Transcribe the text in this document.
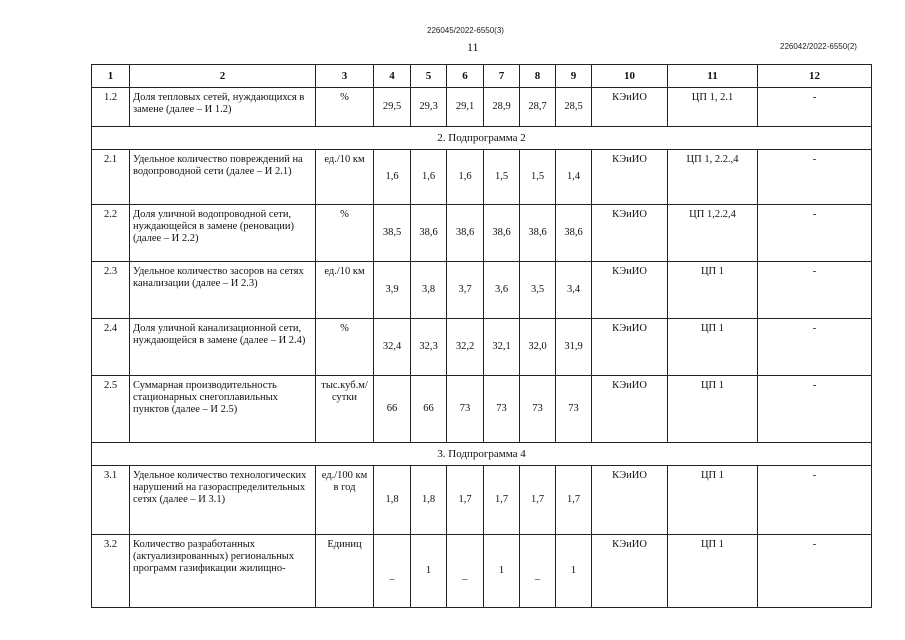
226045/2022-6550(3)
11	226042/2022-6550(2)
1	2	3	4	5	6	7	8	9	10	11	12
1.2	Доля тепловых сетей, нуждающихся в замене (далее – И 1.2)	%	29,5	29,3	29,1	28,9	28,7	28,5	КЭиИО	ЦП 1, 2.1	-
2. Подпрограмма 2											
2.1	Удельное количество повреждений на водопроводной сети (далее – И 2.1)	ед./10 км	1,6	1,6	1,6	1,5	1,5	1,4	КЭиИО	ЦП 1, 2.2.,4	-
2.2	Доля уличной водопроводной сети, нуждающейся в замене (реновации) (далее – И 2.2)	%	38,5	38,6	38,6	38,6	38,6	38,6	КЭиИО	ЦП 1,2.2,4	-
2.3	Удельное количество засоров на сетях канализации (далее – И 2.3)	ед./10 км	3,9	3,8	3,7	3,6	3,5	3,4	КЭиИО	ЦП 1	-
2.4	Доля уличной канализационной сети, нуждающейся в замене (далее – И 2.4)	%	32,4	32,3	32,2	32,1	32,0	31,9	КЭиИО	ЦП 1	-
2.5	Суммарная производительность стационарных снегоплавильных пунктов (далее – И 2.5)	тыс.куб.м/ сутки	66	66	73	73	73	73	КЭиИО	ЦП 1	-
3. Подпрограмма 4											
3.1	Удельное количество технологических нарушений на газораспределительных сетях (далее – И 3.1)	ед./100 км в год	1,8	1,8	1,7	1,7	1,7	1,7	КЭиИО	ЦП 1	-
3.2	Количество разработанных (актуализированных) региональных программ газификации жилищно-	Единиц	_	1	_	1	_	1	КЭиИО	ЦП 1	-
